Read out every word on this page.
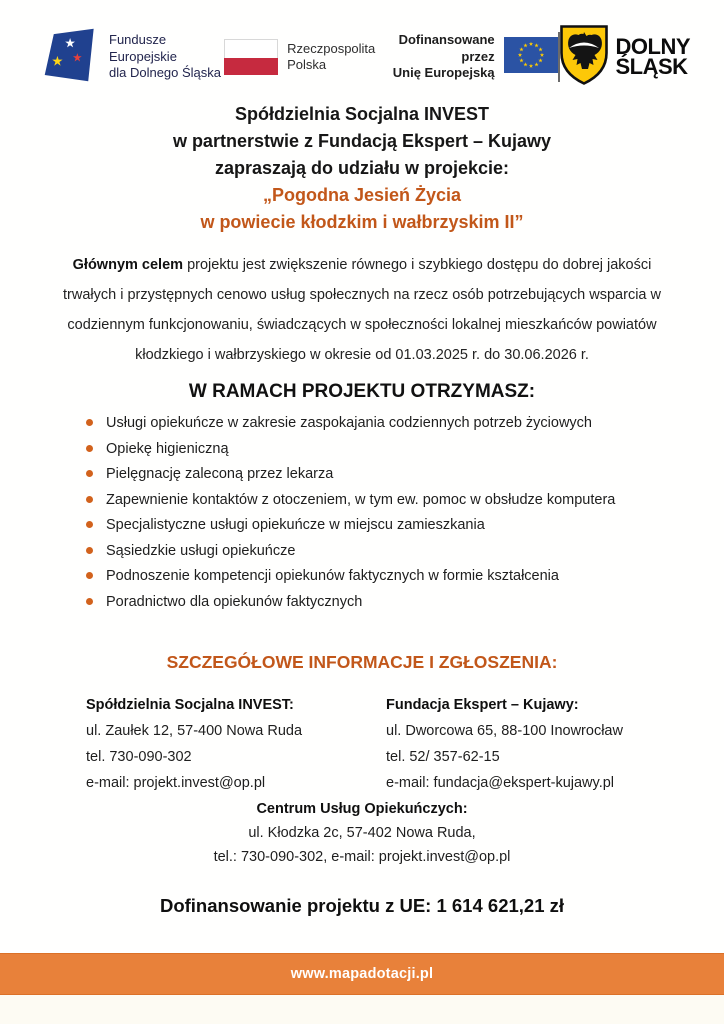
Fundusze Europejskie
dla Dolnego Śląska
Rzeczpospolita
Polska
Dofinansowane przez
Unię Europejską
DOLNY
ŚLĄSK
Spółdzielnia Socjalna INVEST
w partnerstwie z Fundacją Ekspert – Kujawy
zapraszają do udziału w projekcie:
„Pogodna Jesień Życia
w powiecie kłodzkim i wałbrzyskim II”

Głównym celem projektu jest zwiększenie równego i szybkiego dostępu do dobrej jakości trwałych i przystępnych cenowo usług społecznych na rzecz osób potrzebujących wsparcia w codziennym funkcjonowaniu, świadczących w społeczności lokalnej mieszkańców powiatów kłodzkiego i wałbrzyskiego w okresie od 01.03.2025 r. do 30.06.2026 r.

W RAMACH PROJEKTU OTRZYMASZ:
Usługi opiekuńcze w zakresie zaspokajania codziennych potrzeb życiowych
Opiekę higieniczną
Pielęgnację zaleconą przez lekarza
Zapewnienie kontaktów z otoczeniem, w tym ew. pomoc w obsłudze komputera
Specjalistyczne usługi opiekuńcze w miejscu zamieszkania
Sąsiedzkie usługi opiekuńcze
Podnoszenie kompetencji opiekunów faktycznych w formie kształcenia
Poradnictwo dla opiekunów faktycznych
SZCZEGÓŁOWE INFORMACJE I ZGŁOSZENIA:
Spółdzielnia Socjalna INVEST:
ul. Zaułek 12, 57-400 Nowa Ruda
tel. 730-090-302
e-mail: projekt.invest@op.pl
Fundacja Ekspert – Kujawy:
ul. Dworcowa 65, 88-100 Inowrocław
tel. 52/ 357-62-15
e-mail: fundacja@ekspert-kujawy.pl
Centrum Usług Opiekuńczych:
ul. Kłodzka 2c, 57-402 Nowa Ruda,
tel.: 730-090-302, e-mail: projekt.invest@op.pl
Dofinansowanie projektu z UE: 1 614 621,21 zł
www.mapadotacji.pl
